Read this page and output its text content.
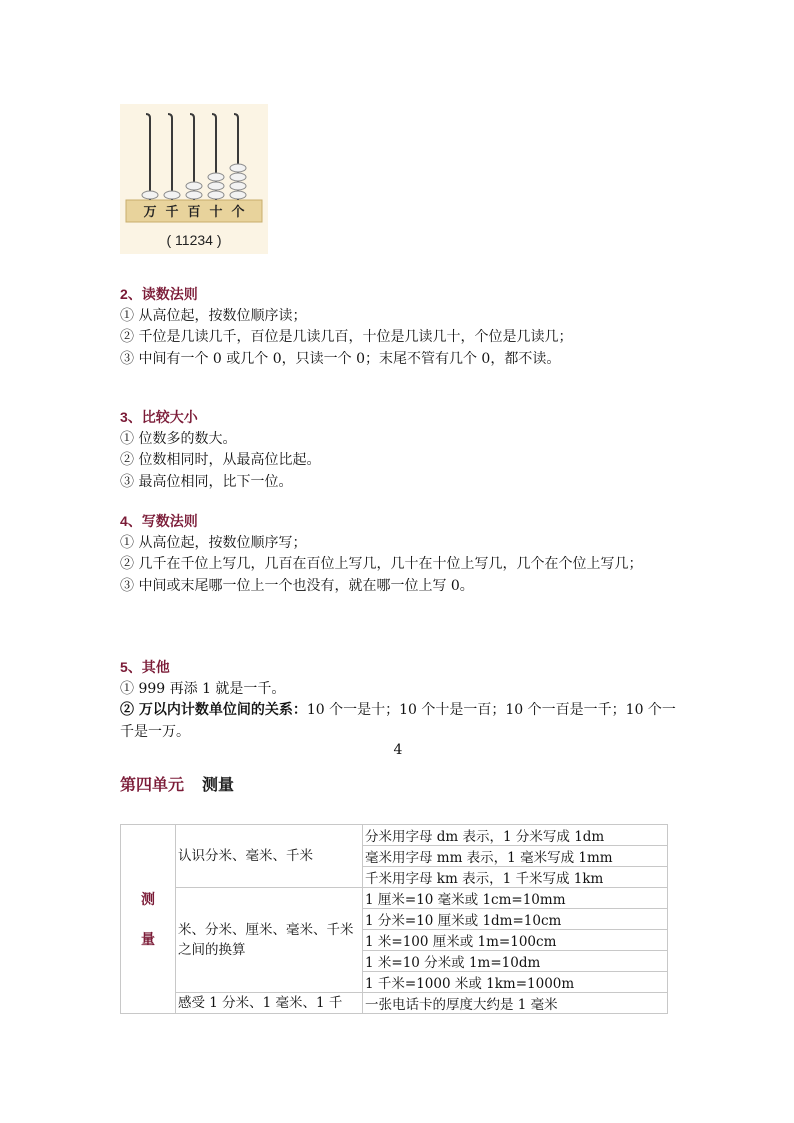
万 千 百 十 个
( 11234 )
2、读数法则
① 从高位起，按数位顺序读；
② 千位是几读几千，百位是几读几百，十位是几读几十，个位是几读几；
③ 中间有一个 0 或几个 0，只读一个 0；末尾不管有几个 0，都不读。
3、比较大小
① 位数多的数大。
② 位数相同时，从最高位比起。
③ 最高位相同，比下一位。
4、写数法则
① 从高位起，按数位顺序写；
② 几千在千位上写几，几百在百位上写几，几十在十位上写几，几个在个位上写几；
③ 中间或末尾哪一位上一个也没有，就在哪一位上写 0。
5、其他
① 999 再添 1 就是一千。
② 万以内计数单位间的关系：10 个一是十；10 个十是一百；10 个一百是一千；10 个一千是一万。
4
第四单元 测量
测
量	认识分米、毫米、千米	分米用字母 dm 表示，1 分米写成 1dm
		毫米用字母 mm 表示，1 毫米写成 1mm
		千米用字母 km 表示，1 千米写成 1km
	米、分米、厘米、毫米、千米之间的换算	1 厘米=10 毫米或 1cm=10mm
		1 分米=10 厘米或 1dm=10cm
		1 米=100 厘米或 1m=100cm
		1 米=10 分米或 1m=10dm
		1 千米=1000 米或 1km=1000m
	感受 1 分米、1 毫米、1 千	一张电话卡的厚度大约是 1 毫米
